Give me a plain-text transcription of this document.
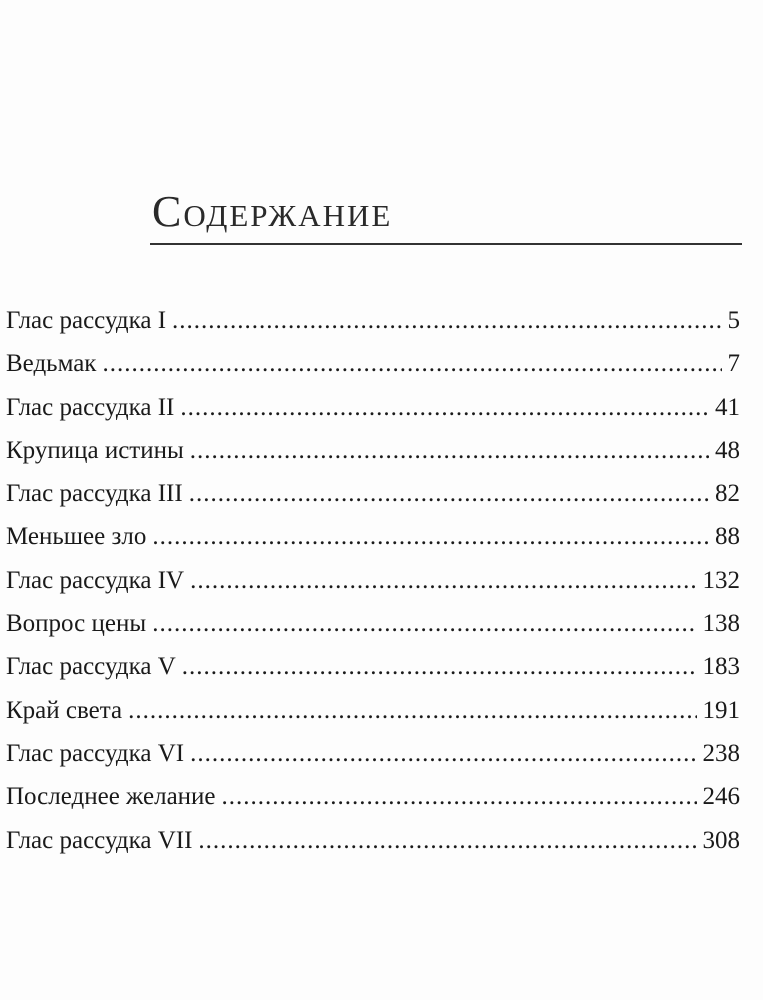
Содержание
Глас рассудка I .....	5
Ведьмак .....	7
Глас рассудка II .....	41
Крупица истины .....	48
Глас рассудка III .....	82
Меньшее зло .....	88
Глас рассудка IV .....	132
Вопрос цены .....	138
Глас рассудка V .....	183
Край света .....	191
Глас рассудка VI .....	238
Последнее желание .....	246
Глас рассудка VII .....	308
